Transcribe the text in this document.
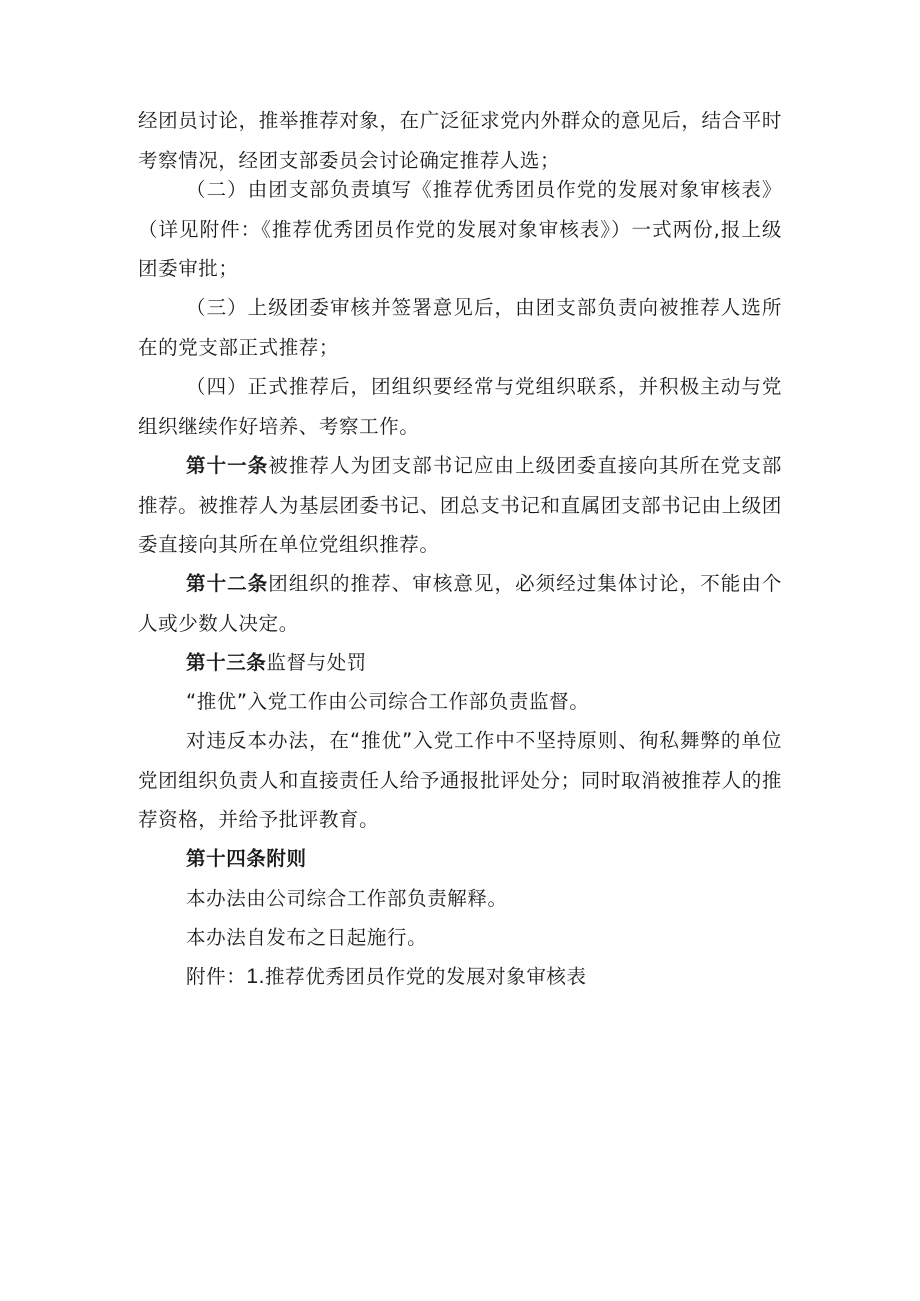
经团员讨论，推举推荐对象，在广泛征求党内外群众的意见后，结合平时考察情况，经团支部委员会讨论确定推荐人选；

（二）由团支部负责填写《推荐优秀团员作党的发展对象审核表》（详见附件：《推荐优秀团员作党的发展对象审核表》）一式两份,报上级团委审批；

（三）上级团委审核并签署意见后，由团支部负责向被推荐人选所在的党支部正式推荐；

（四）正式推荐后，团组织要经常与党组织联系，并积极主动与党组织继续作好培养、考察工作。

第十一条被推荐人为团支部书记应由上级团委直接向其所在党支部推荐。被推荐人为基层团委书记、团总支书记和直属团支部书记由上级团委直接向其所在单位党组织推荐。

第十二条团组织的推荐、审核意见，必须经过集体讨论，不能由个人或少数人决定。

第十三条监督与处罚

“推优”入党工作由公司综合工作部负责监督。

对违反本办法，在“推优”入党工作中不坚持原则、徇私舞弊的单位党团组织负责人和直接责任人给予通报批评处分；同时取消被推荐人的推荐资格，并给予批评教育。

第十四条附则

本办法由公司综合工作部负责解释。

本办法自发布之日起施行。

附件：1.推荐优秀团员作党的发展对象审核表
